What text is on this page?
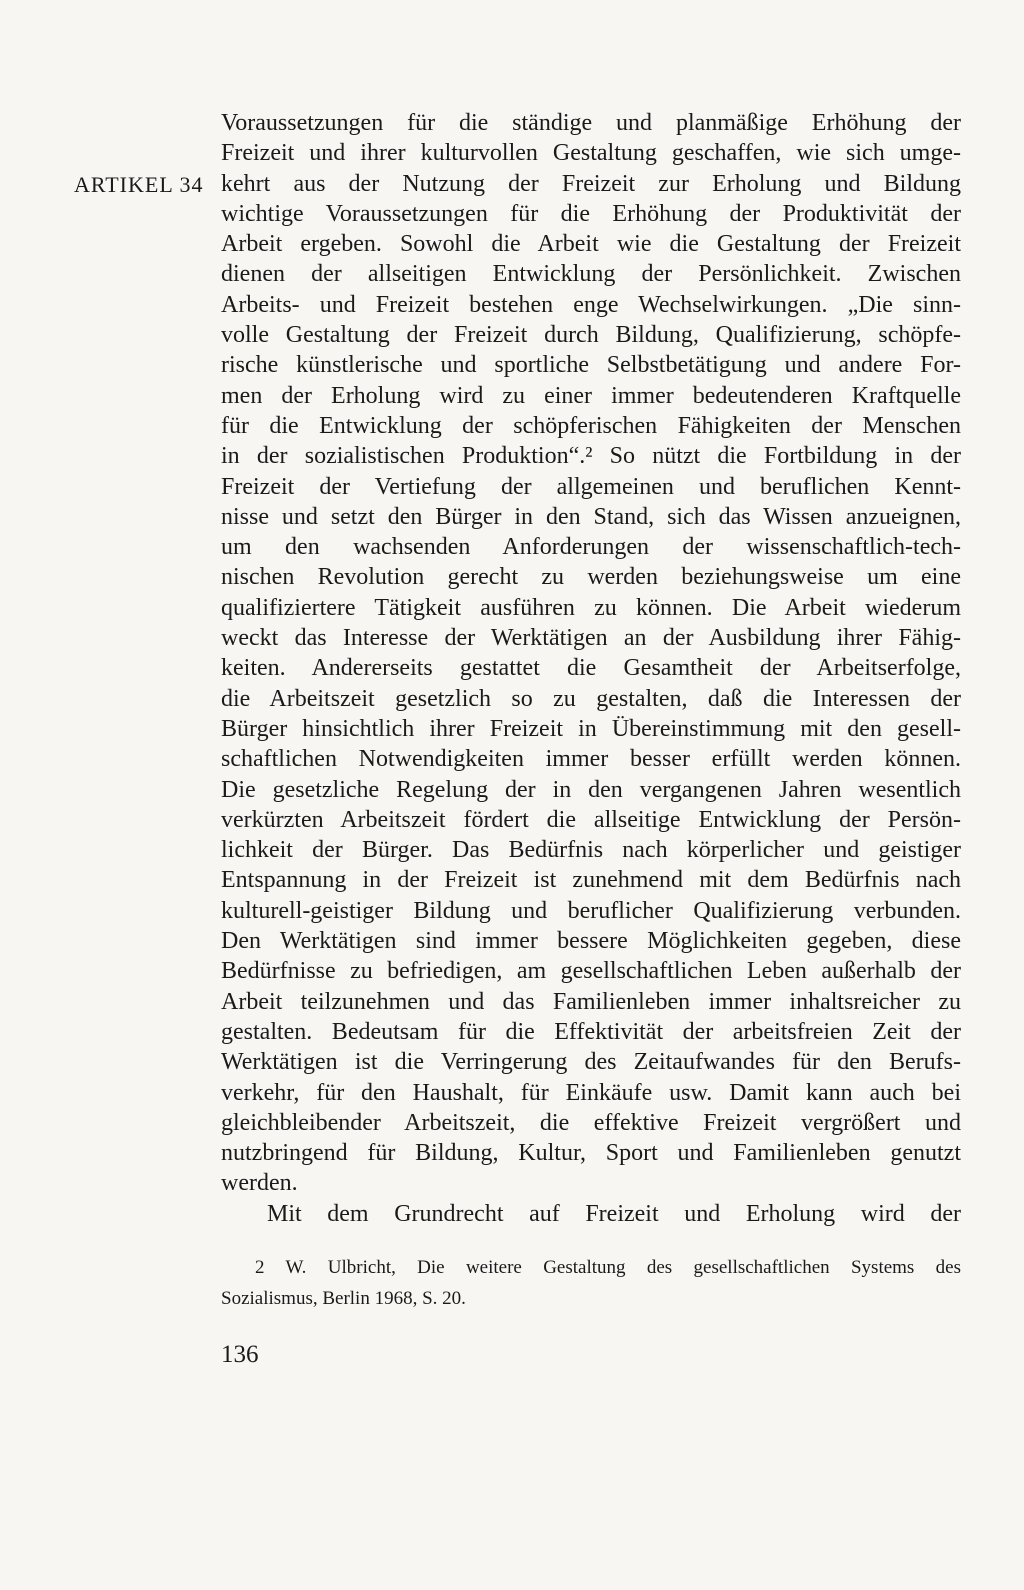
ARTIKEL 34
Voraussetzungen für die ständige und planmäßige Erhöhung der
Freizeit und ihrer kulturvollen Gestaltung geschaffen, wie sich umge-
kehrt aus der Nutzung der Freizeit zur Erholung und Bildung
wichtige Voraussetzungen für die Erhöhung der Produktivität der
Arbeit ergeben. Sowohl die Arbeit wie die Gestaltung der Freizeit
dienen der allseitigen Entwicklung der Persönlichkeit. Zwischen
Arbeits- und Freizeit bestehen enge Wechselwirkungen. „Die sinn-
volle Gestaltung der Freizeit durch Bildung, Qualifizierung, schöpfe-
rische künstlerische und sportliche Selbstbetätigung und andere For-
men der Erholung wird zu einer immer bedeutenderen Kraftquelle
für die Entwicklung der schöpferischen Fähigkeiten der Menschen
in der sozialistischen Produktion“.² So nützt die Fortbildung in der
Freizeit der Vertiefung der allgemeinen und beruflichen Kennt-
nisse und setzt den Bürger in den Stand, sich das Wissen anzueignen,
um den wachsenden Anforderungen der wissenschaftlich-tech-
nischen Revolution gerecht zu werden beziehungsweise um eine
qualifiziertere Tätigkeit ausführen zu können. Die Arbeit wiederum
weckt das Interesse der Werktätigen an der Ausbildung ihrer Fähig-
keiten. Andererseits gestattet die Gesamtheit der Arbeitserfolge,
die Arbeitszeit gesetzlich so zu gestalten, daß die Interessen der
Bürger hinsichtlich ihrer Freizeit in Übereinstimmung mit den gesell-
schaftlichen Notwendigkeiten immer besser erfüllt werden können.
Die gesetzliche Regelung der in den vergangenen Jahren wesentlich
verkürzten Arbeitszeit fördert die allseitige Entwicklung der Persön-
lichkeit der Bürger. Das Bedürfnis nach körperlicher und geistiger
Entspannung in der Freizeit ist zunehmend mit dem Bedürfnis nach
kulturell-geistiger Bildung und beruflicher Qualifizierung verbunden.
Den Werktätigen sind immer bessere Möglichkeiten gegeben, diese
Bedürfnisse zu befriedigen, am gesellschaftlichen Leben außerhalb der
Arbeit teilzunehmen und das Familienleben immer inhaltsreicher zu
gestalten. Bedeutsam für die Effektivität der arbeitsfreien Zeit der
Werktätigen ist die Verringerung des Zeitaufwandes für den Berufs-
verkehr, für den Haushalt, für Einkäufe usw. Damit kann auch bei
gleichbleibender Arbeitszeit, die effektive Freizeit vergrößert und
nutzbringend für Bildung, Kultur, Sport und Familienleben genutzt
werden.
Mit dem Grundrecht auf Freizeit und Erholung wird der
2 W. Ulbricht, Die weitere Gestaltung des gesellschaftlichen Systems des
Sozialismus, Berlin 1968, S. 20.
136
